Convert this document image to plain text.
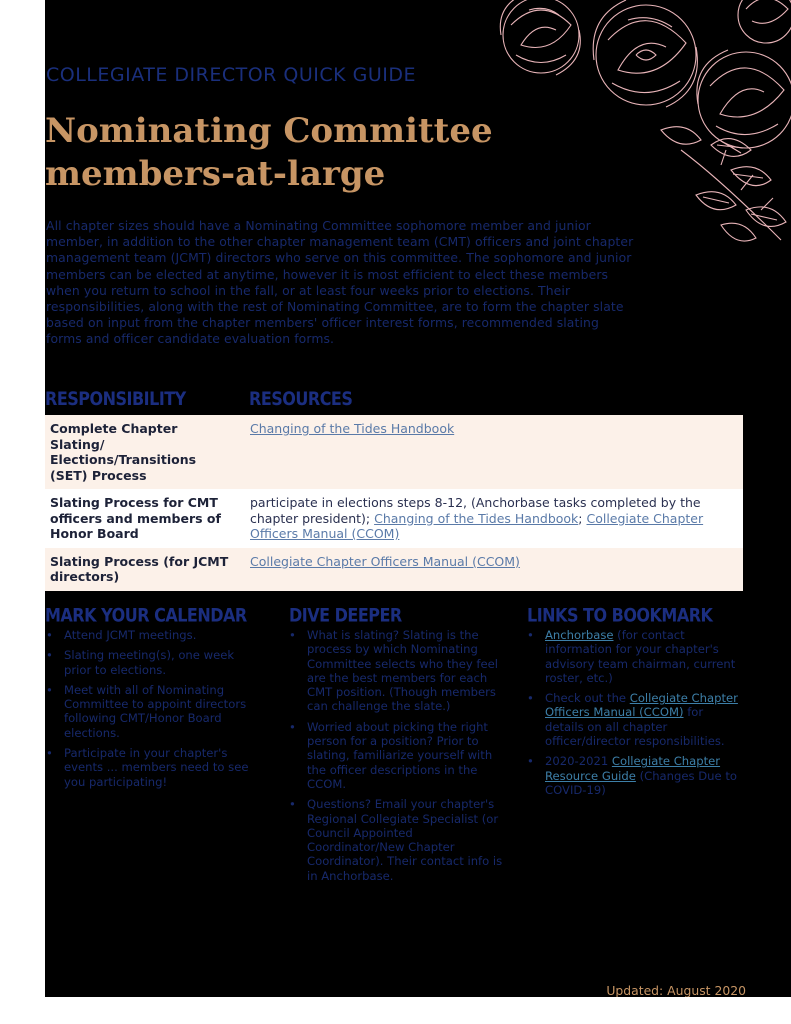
COLLEGIATE DIRECTOR QUICK GUIDE
Nominating Committee
members-at-large

All chapter sizes should have a Nominating Committee sophomore member and junior member, in addition to the other chapter management team (CMT) officers and joint chapter management team (JCMT) directors who serve on this committee. The sophomore and junior members can be elected at anytime, however it is most efficient to elect these members when you return to school in the fall, or at least four weeks prior to elections. Their responsibilities, along with the rest of Nominating Committee, are to form the chapter slate based on input from the chapter members' officer interest forms, recommended slating forms and officer candidate evaluation forms.

RESPONSIBILITY	RESOURCES
Complete Chapter Slating/ Elections/Transitions (SET) Process
Changing of the Tides Handbook
Slating Process for CMT officers and members of Honor Board
participate in elections steps 8-12, (Anchorbase tasks completed by the chapter president); Changing of the Tides Handbook; Collegiate Chapter Officers Manual (CCOM)
Slating Process (for JCMT directors)
Collegiate Chapter Officers Manual (CCOM)
MARK YOUR CALENDAR
• Attend JCMT meetings.
• Slating meeting(s), one week prior to elections.
• Meet with all of Nominating Committee to appoint directors following CMT/Honor Board elections.
• Participate in your chapter's events ... members need to see you participating!
DIVE DEEPER
• What is slating? Slating is the process by which Nominating Committee selects who they feel are the best members for each CMT position. (Though members can challenge the slate.)
• Worried about picking the right person for a position? Prior to slating, familiarize yourself with the officer descriptions in the CCOM.
• Questions? Email your chapter's Regional Collegiate Specialist (or Council Appointed Coordinator/New Chapter Coordinator). Their contact info is in Anchorbase.
LINKS TO BOOKMARK
• Anchorbase (for contact information for your chapter's advisory team chairman, current roster, etc.)
• Check out the Collegiate Chapter Officers Manual (CCOM) for details on all chapter officer/director responsibilities.
• 2020-2021 Collegiate Chapter Resource Guide (Changes Due to COVID-19)
Updated: August 2020
